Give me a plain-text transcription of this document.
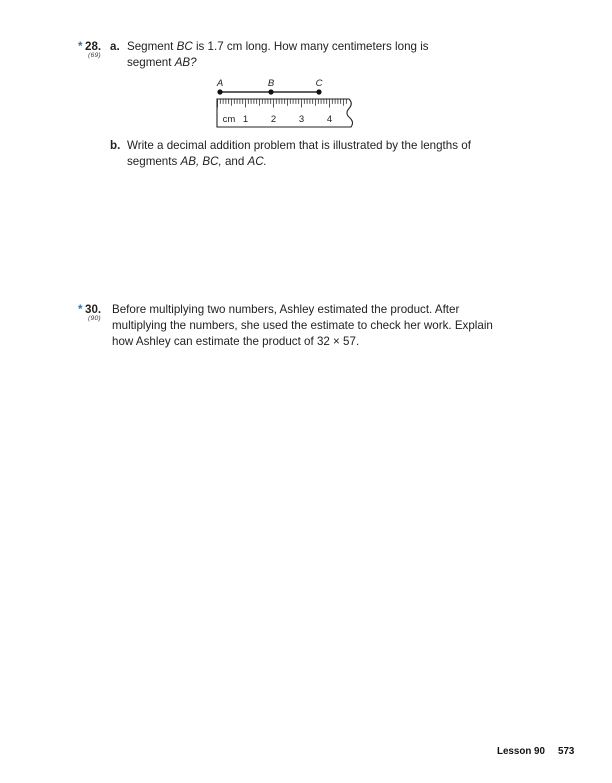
* 28.
(69)
a. Segment BC is 1.7 cm long. How many centimeters long is
segment AB?
A	B	C
cm 1 2 3 4
b. Write a decimal addition problem that is illustrated by the lengths of
segments AB, BC, and AC.
* 30.
(90)
Before multiplying two numbers, Ashley estimated the product. After
multiplying the numbers, she used the estimate to check her work. Explain
how Ashley can estimate the product of 32 × 57.
Lesson 90 573
